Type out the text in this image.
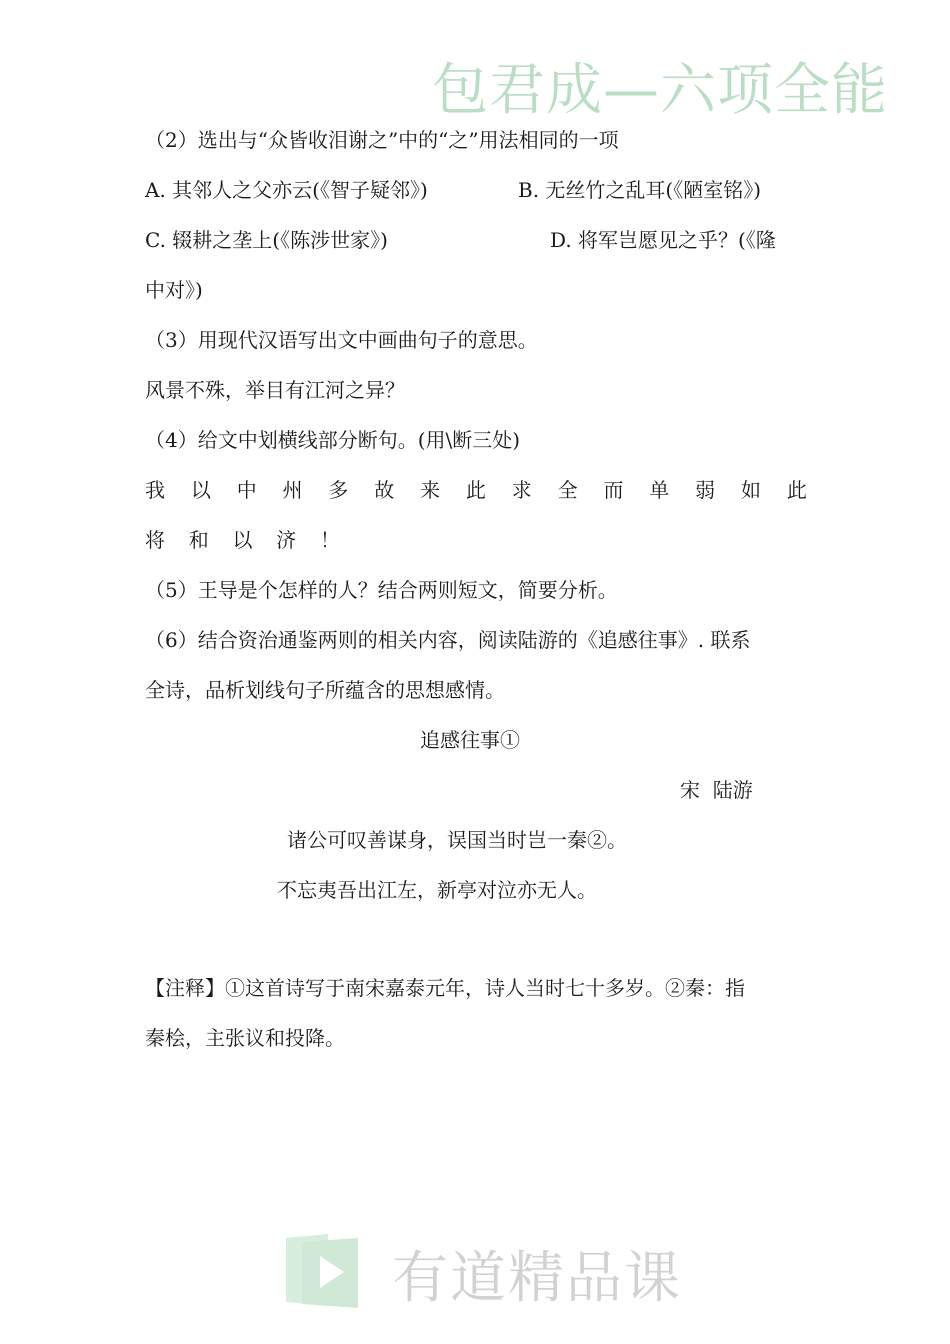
包君成—六项全能
（2）选出与“众皆收泪谢之”中的“之”用法相同的一项
A. 其邻人之父亦云(《智子疑邻》)	B. 无丝竹之乱耳(《陋室铭》)
C. 辍耕之垄上(《陈涉世家》)	D. 将军岂愿见之乎？(《隆
中对》)
（3）用现代汉语写出文中画曲句子的意思。
风景不殊，举目有江河之异？
（4）给文中划横线部分断句。(用\断三处)
我 以 中 州 多 故 来 此 求 全 而 单 弱 如 此
将 和 以 济 ！
（5）王导是个怎样的人？结合两则短文，简要分析。
（6）结合资治通鉴两则的相关内容，阅读陆游的《追感往事》. 联系
全诗，品析划线句子所蕴含的思想感情。
追感往事①
宋  陆游
诸公可叹善谋身，误国当时岂一秦②。
不忘夷吾出江左，新亭对泣亦无人。
【注释】①这首诗写于南宋嘉泰元年，诗人当时七十多岁。②秦：指
秦桧，主张议和投降。
有道精品课
